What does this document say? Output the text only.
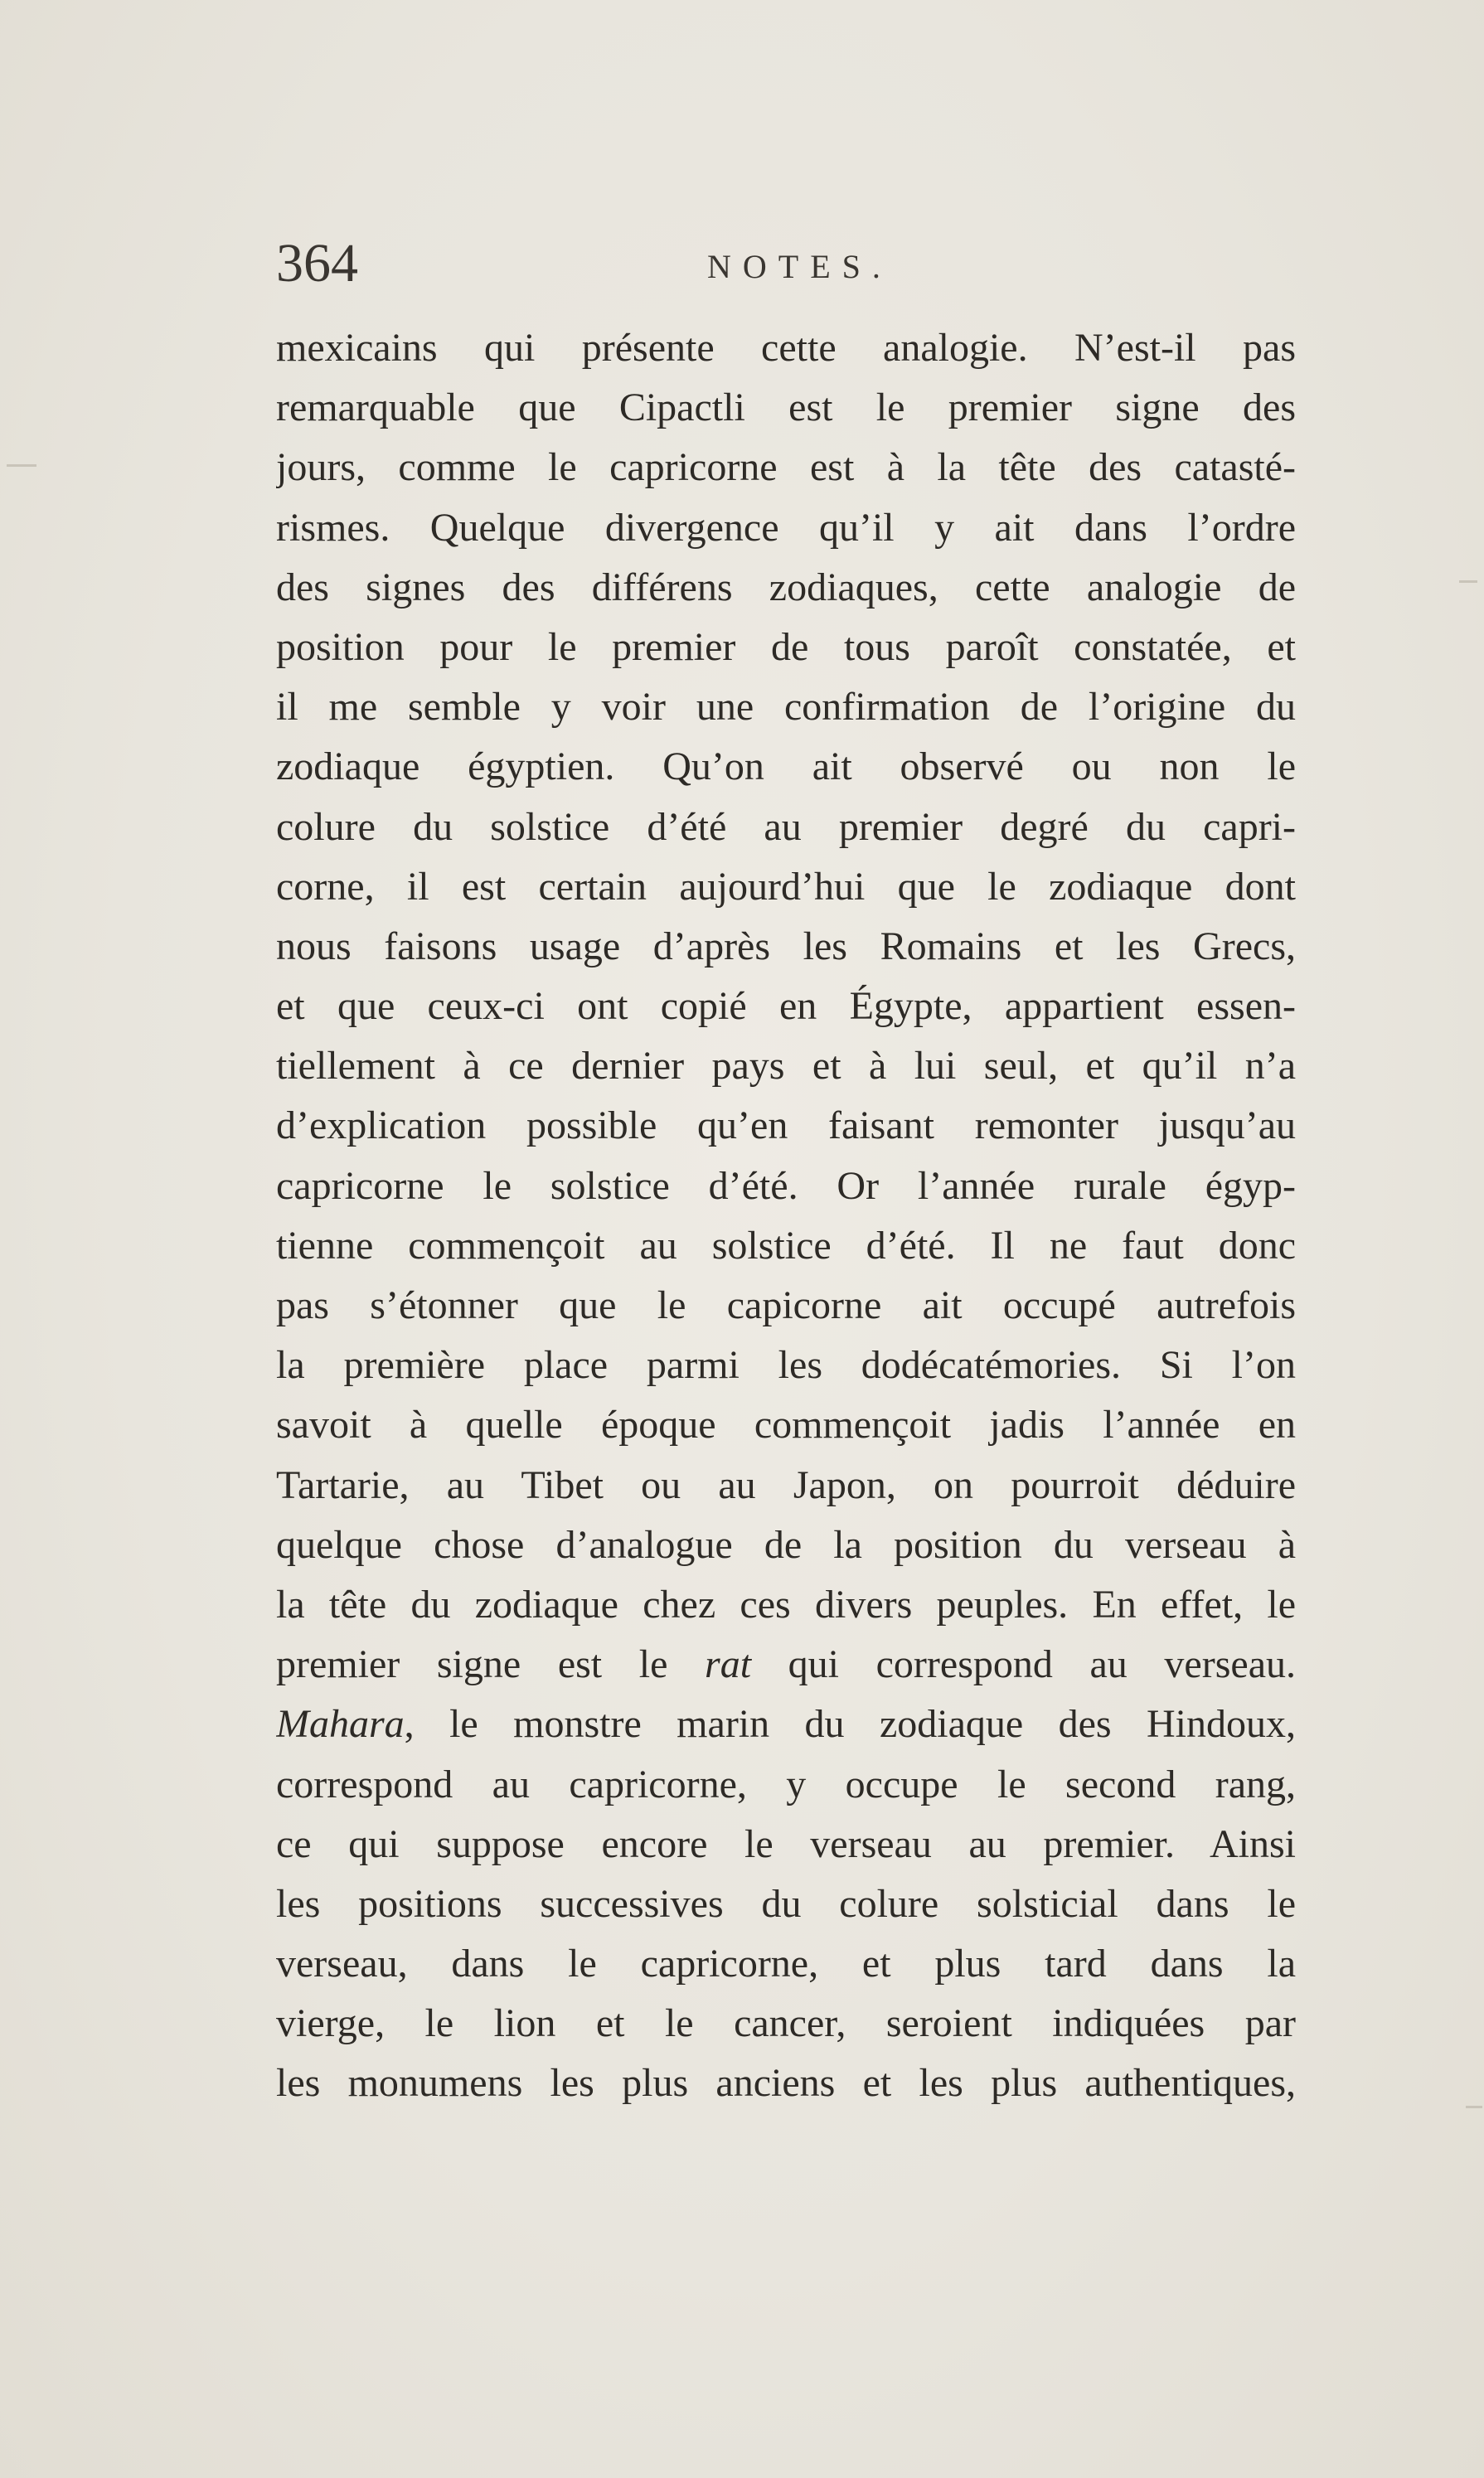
364	NOTES.
mexicains qui présente cette analogie. N’est-il pas
remarquable que Cipactli est le premier signe des
jours, comme le capricorne est à la tête des catasté-
rismes. Quelque divergence qu’il y ait dans l’ordre
des signes des différens zodiaques, cette analogie de
position pour le premier de tous paroît constatée, et
il me semble y voir une confirmation de l’origine du
zodiaque égyptien. Qu’on ait observé ou non le
colure du solstice d’été au premier degré du capri-
corne, il est certain aujourd’hui que le zodiaque dont
nous faisons usage d’après les Romains et les Grecs,
et que ceux-ci ont copié en Égypte, appartient essen-
tiellement à ce dernier pays et à lui seul, et qu’il n’a
d’explication possible qu’en faisant remonter jusqu’au
capricorne le solstice d’été. Or l’année rurale égyp-
tienne commençoit au solstice d’été. Il ne faut donc
pas s’étonner que le capicorne ait occupé autrefois
la première place parmi les dodécatémories. Si l’on
savoit à quelle époque commençoit jadis l’année en
Tartarie, au Tibet ou au Japon, on pourroit déduire
quelque chose d’analogue de la position du verseau à
la tête du zodiaque chez ces divers peuples. En effet, le
premier signe est le rat qui correspond au verseau.
Mahara, le monstre marin du zodiaque des Hindoux,
correspond au capricorne, y occupe le second rang,
ce qui suppose encore le verseau au premier. Ainsi
les positions successives du colure solsticial dans le
verseau, dans le capricorne, et plus tard dans la
vierge, le lion et le cancer, seroient indiquées par
les monumens les plus anciens et les plus authentiques,
